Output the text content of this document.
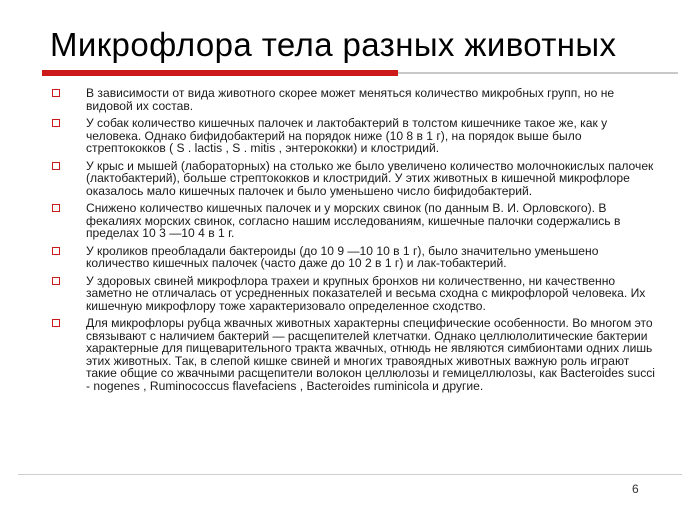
Микрофлора тела разных животных
В зависимости от вида животного скорее может меняться количество микробных групп, но не видовой их состав.
У собак количество кишечных палочек и лактобактерий в толстом кишечнике такое же, как у человека. Однако бифидобактерий на порядок ниже (10 8 в 1 г), на порядок выше было стрептококков ( S . lactis , S . mitis , энтерококки) и клостридий.
У крыс и мышей (лабораторных) на столько же было увеличено количество молочнокислых палочек (лактобактерий), больше стрептококков и клостридий. У этих животных в кишечной микрофлоре оказалось мало кишечных палочек и было уменьшено число бифидобактерий.
Снижено количество кишечных палочек и у морских свинок (по данным В. И. Орловского). В фекалиях морских свинок, согласно нашим исследованиям, кишечные палочки содержались в пределах 10 3 —10 4 в 1 г.
У кроликов преобладали бактероиды (до 10 9 —10 10 в 1 г), было значительно уменьшено количество кишечных палочек (часто даже до 10 2 в 1 г) и лак-тобактерий.
У здоровых свиней микрофлора трахеи и крупных бронхов ни количественно, ни качественно заметно не отличалась от усредненных показателей и весьма сходна с микрофлорой человека. Их кишечную микрофлору тоже характеризовало определенное сходство.
Для микрофлоры рубца жвачных животных характерны специфические особенности. Во многом это связывают с наличием бактерий — расщепителей клетчатки. Однако целлюлолитические бактерии характерные для пищеварительного тракта жвачных, отнюдь не являются симбионтами одних лишь этих животных. Так, в слепой кишке свиней и многих травоядных животных важную роль играют такие общие со жвачными расщепители волокон целлюлозы и гемицеллюлозы, как Bacteroides succi - nogenes , Ruminococcus flavefaciens , Bacteroides ruminicola и другие.
6
